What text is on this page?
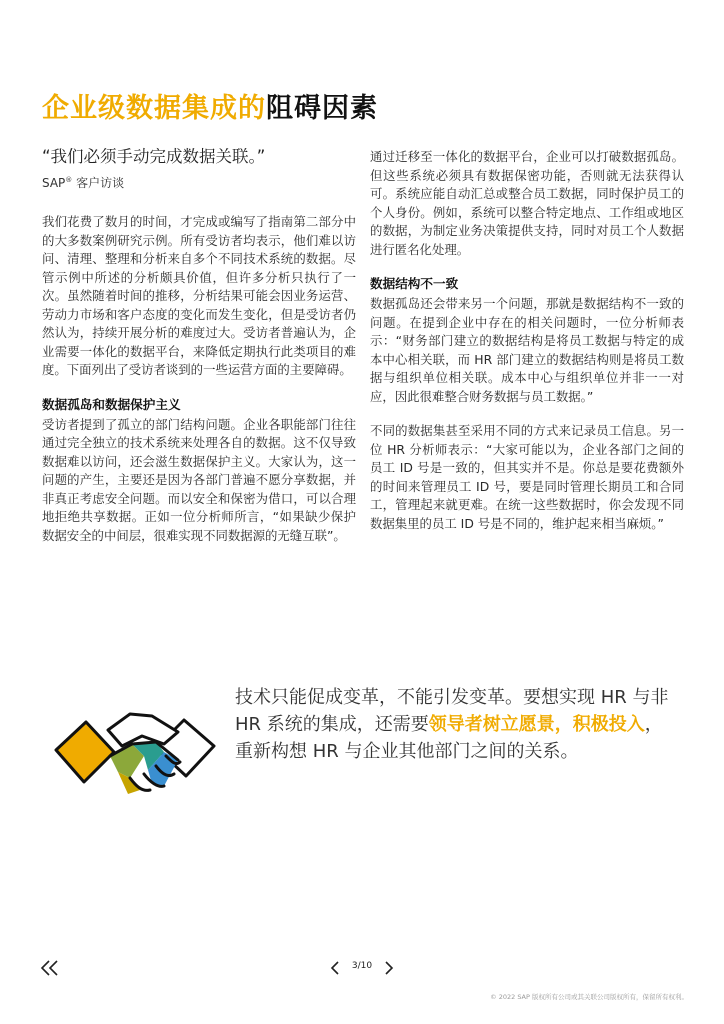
企业级数据集成的阻碍因素
“我们必须手动完成数据关联。”
SAP® 客户访谈

我们花费了数月的时间，才完成或编写了指南第二部分中的大多数案例研究示例。所有受访者均表示，他们难以访问、清理、整理和分析来自多个不同技术系统的数据。尽管示例中所述的分析颇具价值，但许多分析只执行了一次。虽然随着时间的推移，分析结果可能会因业务运营、劳动力市场和客户态度的变化而发生变化，但是受访者仍然认为，持续开展分析的难度过大。受访者普遍认为，企业需要一体化的数据平台，来降低定期执行此类项目的难度。下面列出了受访者谈到的一些运营方面的主要障碍。

数据孤岛和数据保护主义

受访者提到了孤立的部门结构问题。企业各职能部门往往通过完全独立的技术系统来处理各自的数据。这不仅导致数据难以访问，还会滋生数据保护主义。大家认为，这一问题的产生，主要还是因为各部门普遍不愿分享数据，并非真正考虑安全问题。而以安全和保密为借口，可以合理地拒绝共享数据。正如一位分析师所言，“如果缺少保护数据安全的中间层，很难实现不同数据源的无缝互联”。

通过迁移至一体化的数据平台，企业可以打破数据孤岛。但这些系统必须具有数据保密功能，否则就无法获得认可。系统应能自动汇总或整合员工数据，同时保护员工的个人身份。例如，系统可以整合特定地点、工作组或地区的数据，为制定业务决策提供支持，同时对员工个人数据进行匿名化处理。

数据结构不一致

数据孤岛还会带来另一个问题，那就是数据结构不一致的问题。在提到企业中存在的相关问题时，一位分析师表示：“财务部门建立的数据结构是将员工数据与特定的成本中心相关联，而 HR 部门建立的数据结构则是将员工数据与组织单位相关联。成本中心与组织单位并非一一对应，因此很难整合财务数据与员工数据。”

不同的数据集甚至采用不同的方式来记录员工信息。另一位 HR 分析师表示：“大家可能以为，企业各部门之间的员工 ID 号是一致的，但其实并不是。你总是要花费额外的时间来管理员工 ID 号，要是同时管理长期员工和合同工，管理起来就更难。在统一这些数据时，你会发现不同数据集里的员工 ID 号是不同的，维护起来相当麻烦。”

技术只能促成变革，不能引发变革。要想实现 HR 与非 HR 系统的集成，还需要领导者树立愿景，积极投入，重新构想 HR 与企业其他部门之间的关系。

3/10
© 2022 SAP 版权所有公司或其关联公司版权所有，保留所有权利。
